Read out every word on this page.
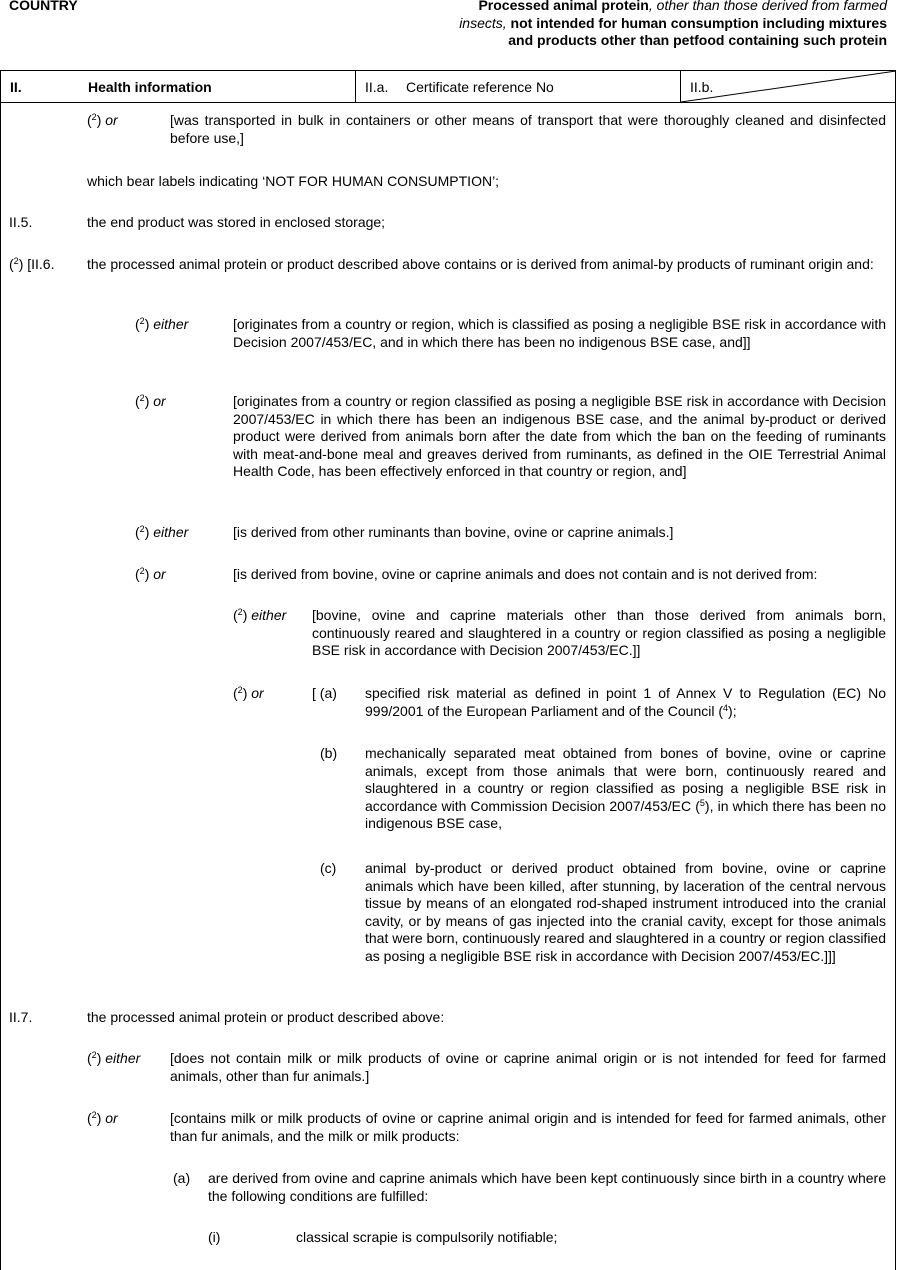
COUNTRY	Processed animal protein, other than those derived from farmed insects, not intended for human consumption including mixtures and products other than petfood containing such protein
II.	Health information	II.a. Certificate reference No	II.b.
($^2$) or	[was transported in bulk in containers or other means of transport that were thoroughly cleaned and disinfected before use,]
which bear labels indicating ‘NOT FOR HUMAN CONSUMPTION’;
II.5.	the end product was stored in enclosed storage;
($^2$) [II.6. the processed animal protein or product described above contains or is derived from animal-by products of ruminant origin and:
($^2$) either	[originates from a country or region, which is classified as posing a negligible BSE risk in accordance with Decision 2007/453/EC, and in which there has been no indigenous BSE case, and]]
($^2$) or	[originates from a country or region classified as posing a negligible BSE risk in accordance with Decision 2007/453/EC in which there has been an indigenous BSE case, and the animal by-product or derived product were derived from animals born after the date from which the ban on the feeding of ruminants with meat-and-bone meal and greaves derived from ruminants, as defined in the OIE Terrestrial Animal Health Code, has been effectively enforced in that country or region, and]
($^2$) either	[is derived from other ruminants than bovine, ovine or caprine animals.]
($^2$) or	[is derived from bovine, ovine or caprine animals and does not contain and is not derived from:
($^2$) either [bovine, ovine and caprine materials other than those derived from animals born, continuously reared and slaughtered in a country or region classified as posing a negligible BSE risk in accordance with Decision 2007/453/EC.]]
($^2$) or	[ (a) specified risk material as defined in point 1 of Annex V to Regulation (EC) No 999/2001 of the European Parliament and of the Council ($^4$);
(b) mechanically separated meat obtained from bones of bovine, ovine or caprine animals, except from those animals that were born, continuously reared and slaughtered in a country or region classified as posing a negligible BSE risk in accordance with Commission Decision 2007/453/EC ($^5$), in which there has been no indigenous BSE case,
(c) animal by-product or derived product obtained from bovine, ovine or caprine animals which have been killed, after stunning, by laceration of the central nervous tissue by means of an elongated rod-shaped instrument introduced into the cranial cavity, or by means of gas injected into the cranial cavity, except for those animals that were born, continuously reared and slaughtered in a country or region classified as posing a negligible BSE risk in accordance with Decision 2007/453/EC.]]]
II.7.	the processed animal protein or product described above:
($^2$) either [does not contain milk or milk products of ovine or caprine animal origin or is not intended for feed for farmed animals, other than fur animals.]
($^2$) or	[contains milk or milk products of ovine or caprine animal origin and is intended for feed for farmed animals, other than fur animals, and the milk or milk products:
(a) are derived from ovine and caprine animals which have been kept continuously since birth in a country where the following conditions are fulfilled:
(i)	classical scrapie is compulsorily notifiable;
